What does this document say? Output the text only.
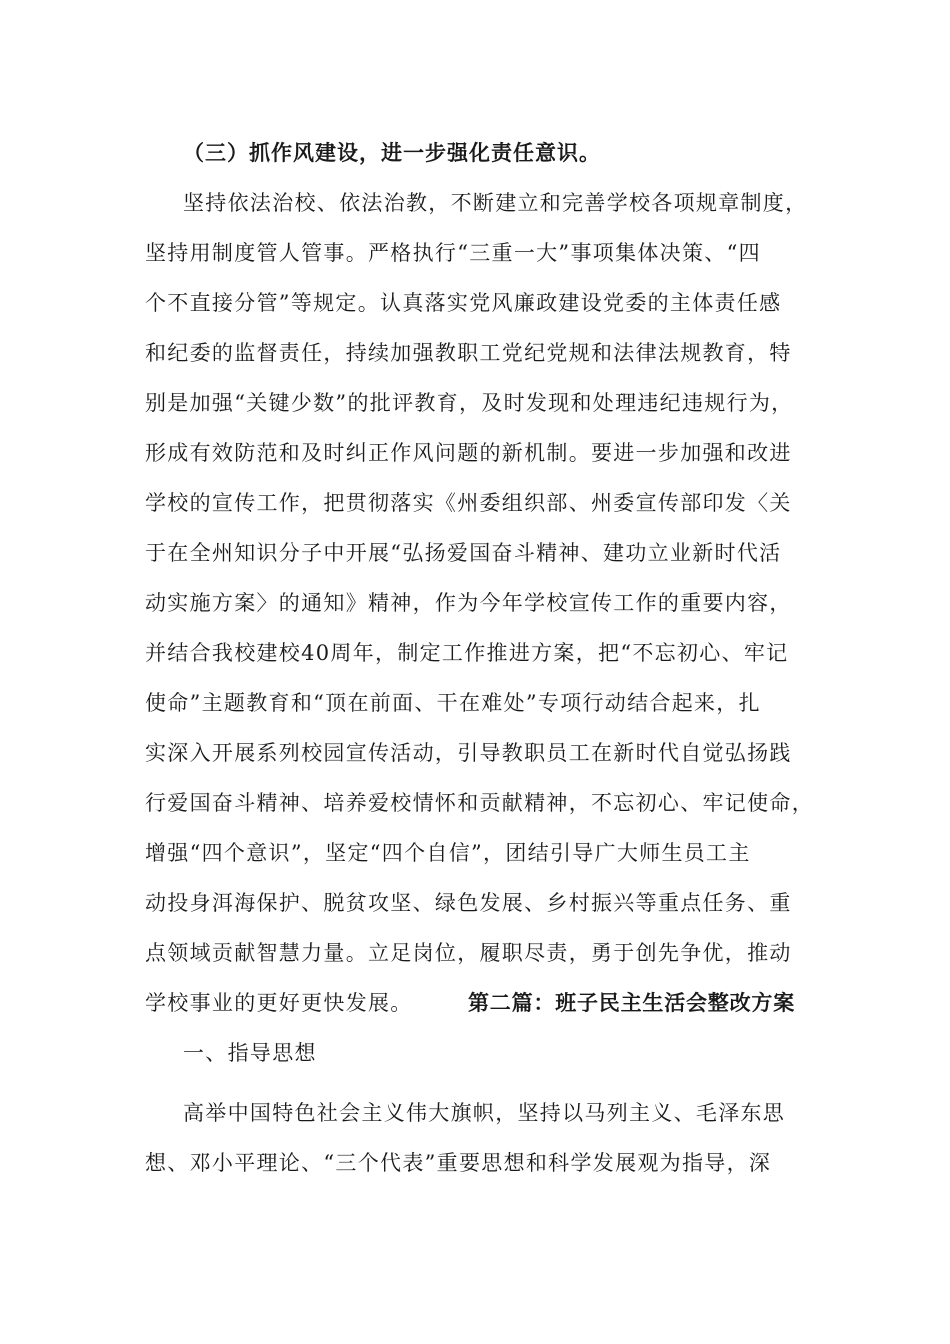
（三）抓作风建设，进一步强化责任意识。
坚持依法治校、依法治教，不断建立和完善学校各项规章制度，
坚持用制度管人管事。严格执行“三重一大”事项集体决策、“四
个不直接分管”等规定。认真落实党风廉政建设党委的主体责任感
和纪委的监督责任，持续加强教职工党纪党规和法律法规教育，特
别是加强“关键少数”的批评教育，及时发现和处理违纪违规行为，
形成有效防范和及时纠正作风问题的新机制。要进一步加强和改进
学校的宣传工作，把贯彻落实《州委组织部、州委宣传部印发〈关
于在全州知识分子中开展“弘扬爱国奋斗精神、建功立业新时代活
动实施方案〉的通知》精神，作为今年学校宣传工作的重要内容，
并结合我校建校40周年，制定工作推进方案，把“不忘初心、牢记
使命”主题教育和“顶在前面、干在难处”专项行动结合起来，扎
实深入开展系列校园宣传活动，引导教职员工在新时代自觉弘扬践
行爱国奋斗精神、培养爱校情怀和贡献精神，不忘初心、牢记使命，
增强“四个意识”，坚定“四个自信”，团结引导广大师生员工主
动投身洱海保护、脱贫攻坚、绿色发展、乡村振兴等重点任务、重
点领域贡献智慧力量。立足岗位，履职尽责，勇于创先争优，推动
学校事业的更好更快发展。	第二篇：班子民主生活会整改方案
一、指导思想
高举中国特色社会主义伟大旗帜，坚持以马列主义、毛泽东思
想、邓小平理论、“三个代表”重要思想和科学发展观为指导，深
